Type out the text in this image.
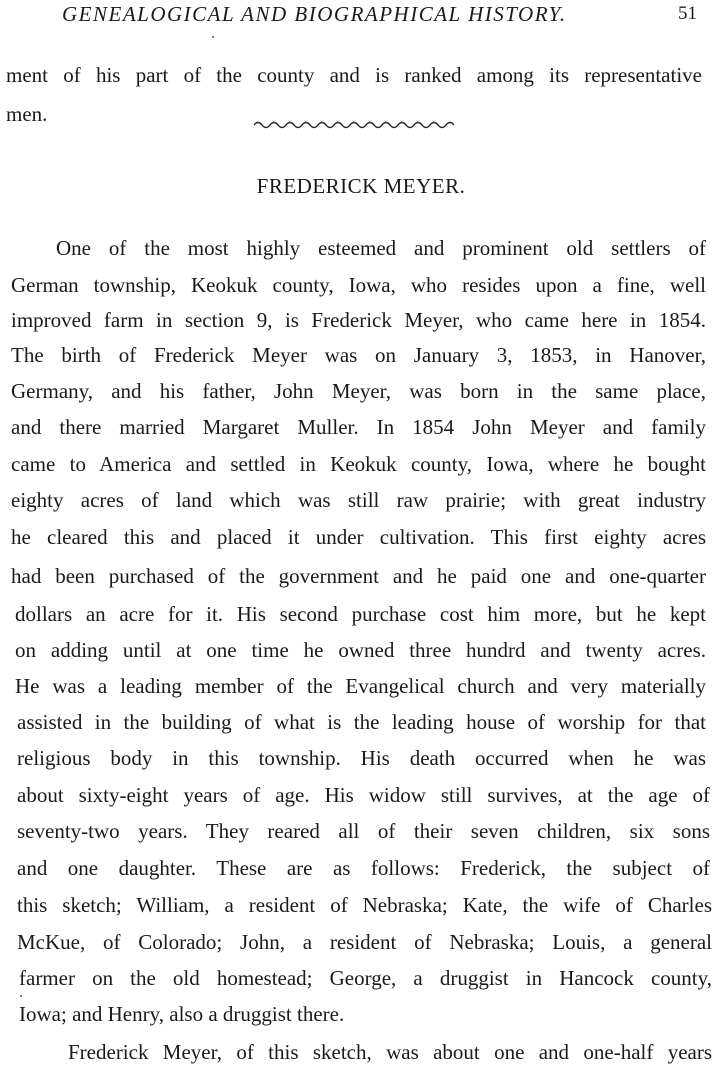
GENEALOGICAL AND BIOGRAPHICAL HISTORY.	51
ment of his part of the county and is ranked among its representative
men.
FREDERICK MEYER.
One of the most highly esteemed and prominent old settlers of
German township, Keokuk county, Iowa, who resides upon a fine, well
improved farm in section 9, is Frederick Meyer, who came here in 1854.
The birth of Frederick Meyer was on January 3, 1853, in Hanover,
Germany, and his father, John Meyer, was born in the same place,
and there married Margaret Muller. In 1854 John Meyer and family
came to America and settled in Keokuk county, Iowa, where he bought
eighty acres of land which was still raw prairie; with great industry
he cleared this and placed it under cultivation. This first eighty acres
had been purchased of the government and he paid one and one-quarter
dollars an acre for it. His second purchase cost him more, but he kept
on adding until at one time he owned three hundrd and twenty acres.
He was a leading member of the Evangelical church and very materially
assisted in the building of what is the leading house of worship for that
religious body in this township. His death occurred when he was
about sixty-eight years of age. His widow still survives, at the age of
seventy-two years. They reared all of their seven children, six sons
and one daughter. These are as follows: Frederick, the subject of
this sketch; William, a resident of Nebraska; Kate, the wife of Charles
McKue, of Colorado; John, a resident of Nebraska; Louis, a general
farmer on the old homestead; George, a druggist in Hancock county,
Iowa; and Henry, also a druggist there.
Frederick Meyer, of this sketch, was about one and one-half years
